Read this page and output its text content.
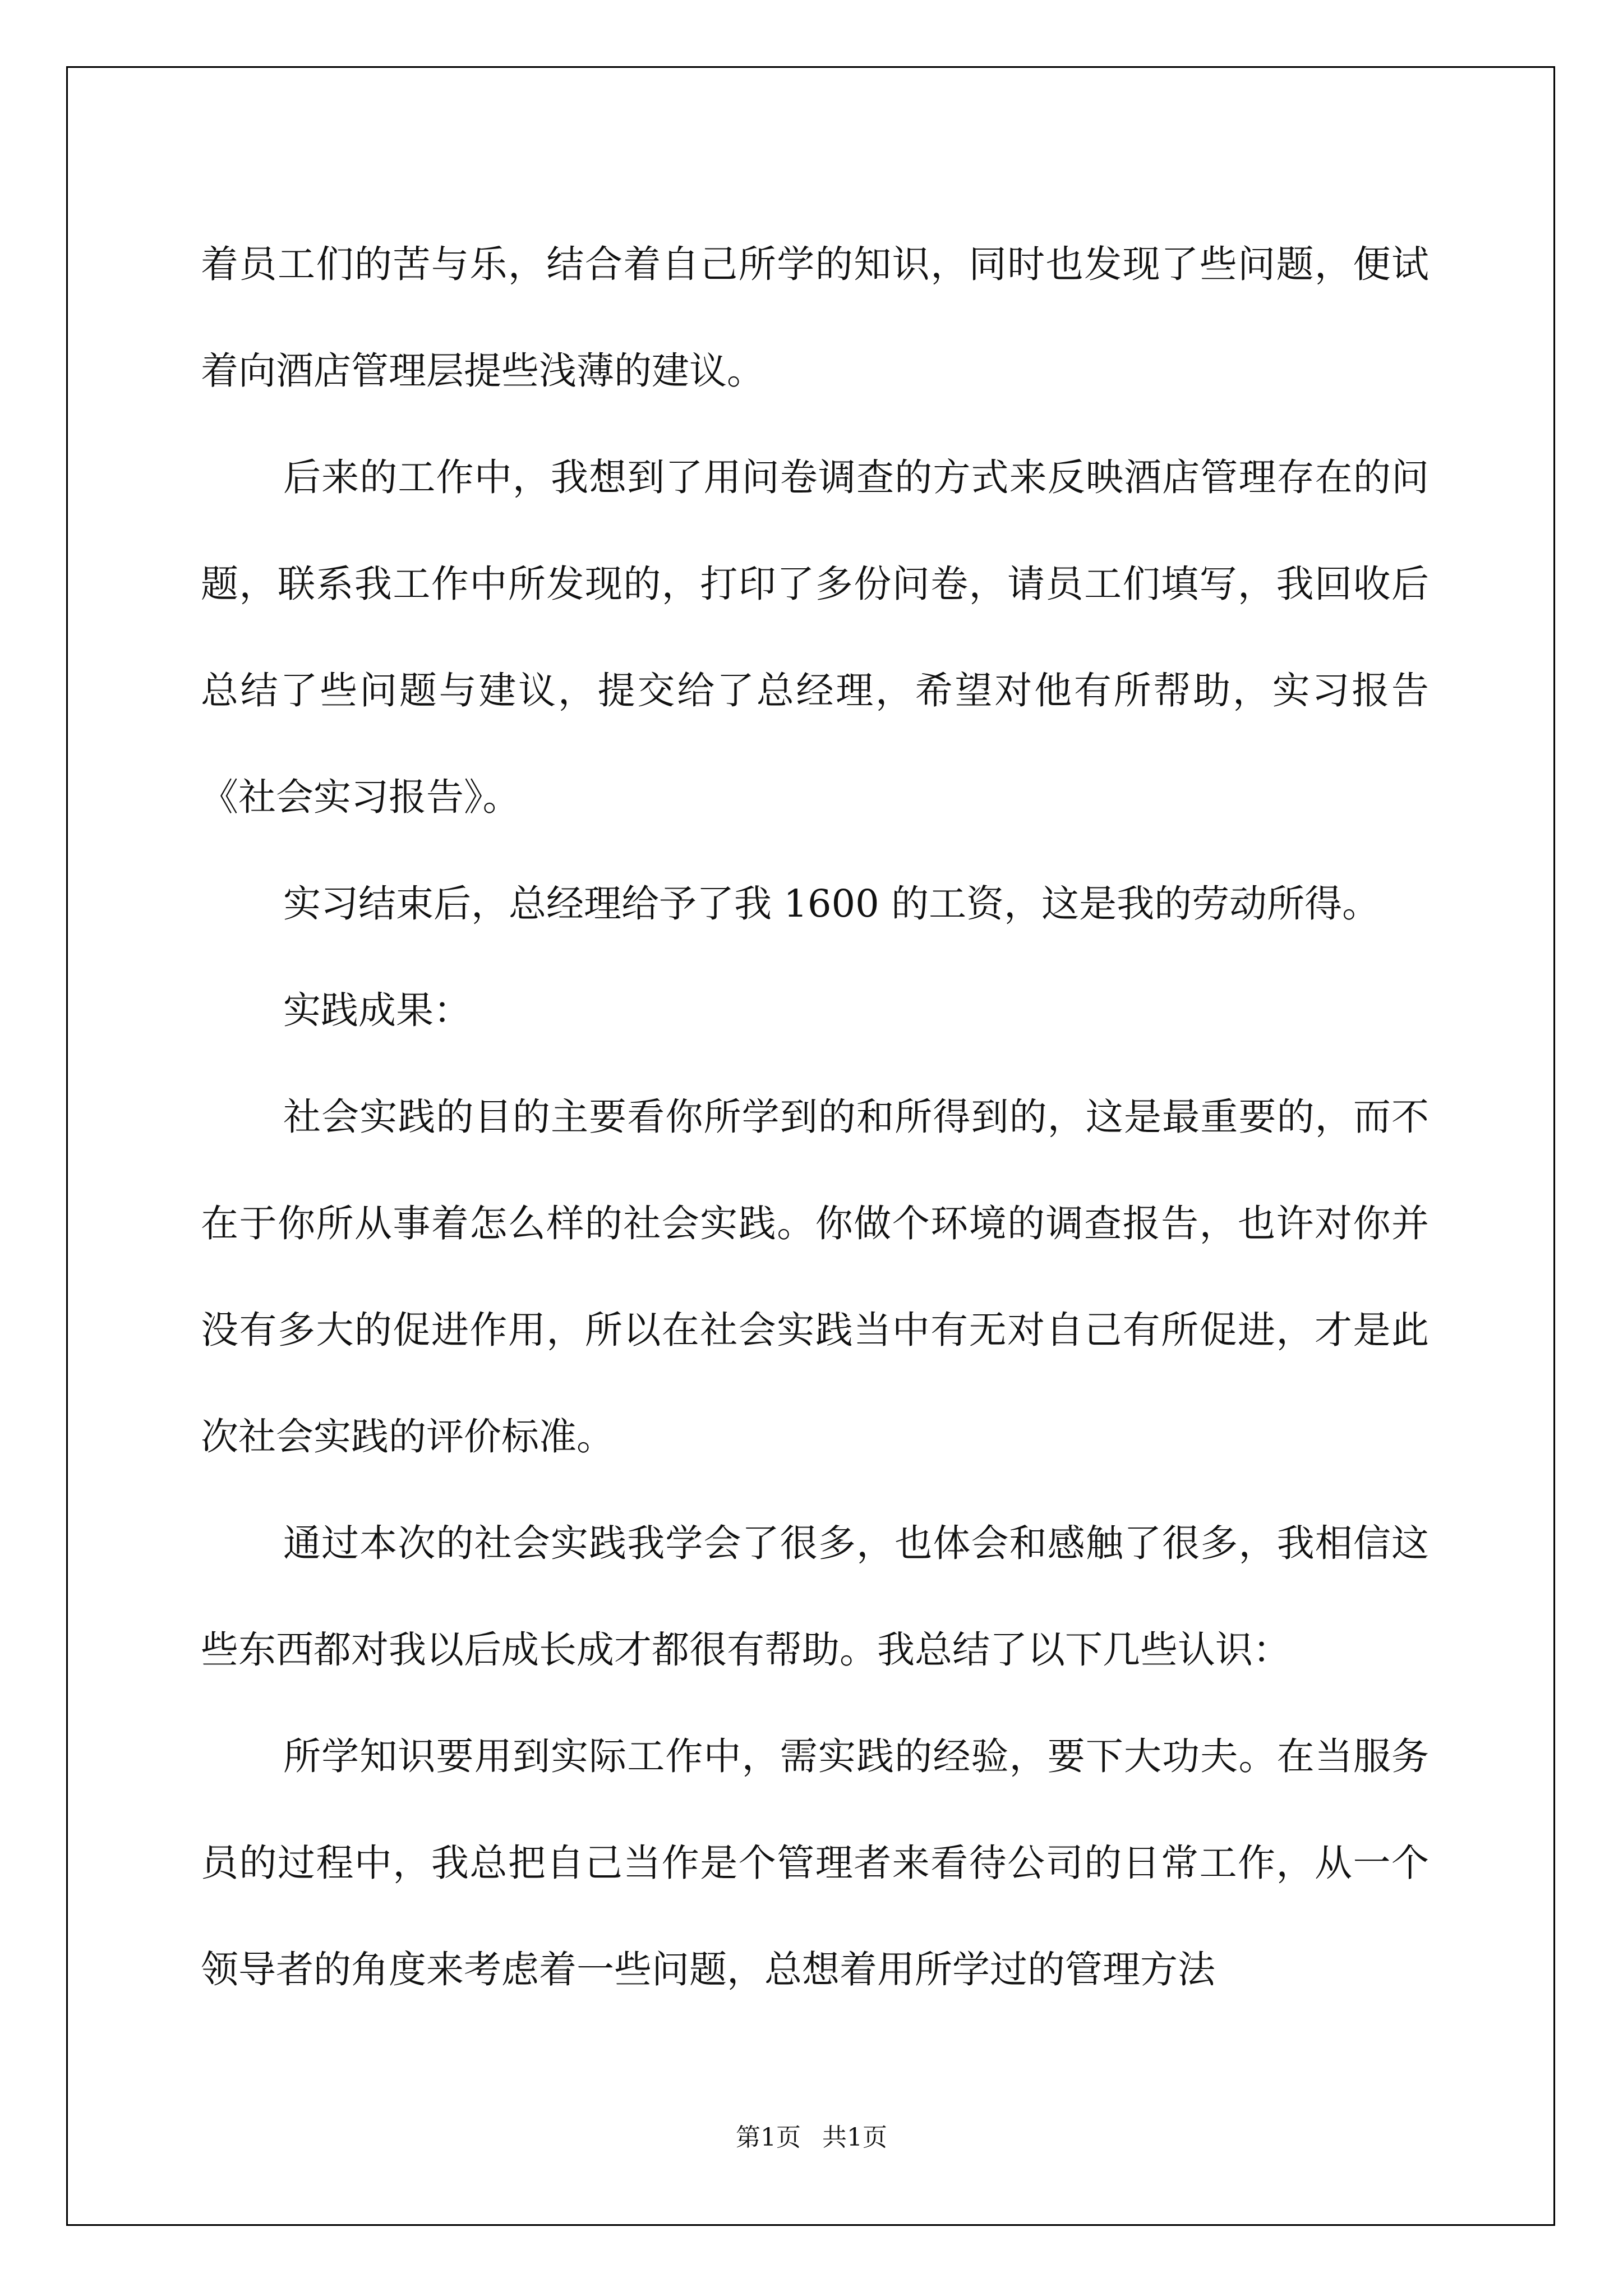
着员工们的苦与乐，结合着自己所学的知识，同时也发现了些问题，便试着向酒店管理层提些浅薄的建议。

后来的工作中，我想到了用问卷调查的方式来反映酒店管理存在的问题，联系我工作中所发现的，打印了多份问卷，请员工们填写，我回收后总结了些问题与建议，提交给了总经理，希望对他有所帮助，实习报告《社会实习报告》。

实习结束后，总经理给予了我 1600 的工资，这是我的劳动所得。

实践成果：

社会实践的目的主要看你所学到的和所得到的，这是最重要的，而不在于你所从事着怎么样的社会实践。你做个环境的调查报告，也许对你并没有多大的促进作用，所以在社会实践当中有无对自己有所促进，才是此次社会实践的评价标准。

通过本次的社会实践我学会了很多，也体会和感触了很多，我相信这些东西都对我以后成长成才都很有帮助。我总结了以下几些认识：

所学知识要用到实际工作中，需实践的经验，要下大功夫。在当服务员的过程中，我总把自己当作是个管理者来看待公司的日常工作，从一个领导者的角度来考虑着一些问题，总想着用所学过的管理方法

第1页 共1页
